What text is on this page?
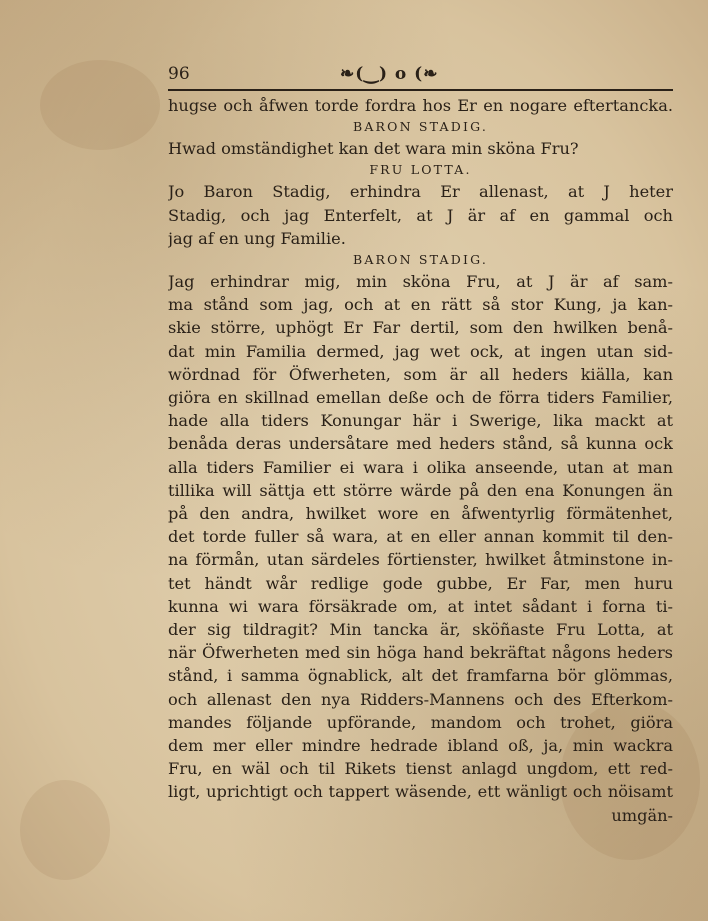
96	❧(‿) o (❧
hugse och åfwen torde fordra hos Er en nogare eftertancka.
BARON STADIG.
Hwad omständighet kan det wara min sköna Fru?
FRU LOTTA.
Jo Baron Stadig, erhindra Er allenast, at J heter
Stadig, och jag Enterfelt, at J är af en gammal och
jag af en ung Familie.
BARON STADIG.
Jag erhindrar mig, min sköna Fru, at J är af sam-
ma stånd som jag, och at en rätt så stor Kung, ja kan-
skie större, uphögt Er Far dertil, som den hwilken benå-
dat min Familia dermed, jag wet ock, at ingen utan sid-
wördnad för Öfwerheten, som är all heders kiälla, kan
giöra en skillnad emellan deße och de förra tiders Familier,
hade alla tiders Konungar här i Swerige, lika mackt at
benåda deras undersåtare med heders stånd, så kunna ock
alla tiders Familier ei wara i olika anseende, utan at man
tillika will sättja ett större wärde på den ena Konungen än
på den andra, hwilket wore en åfwentyrlig förmätenhet,
det torde fuller så wara, at en eller annan kommit til den-
na förmån, utan särdeles förtienster, hwilket åtminstone in-
tet händt wår redlige gode gubbe, Er Far, men huru
kunna wi wara försäkrade om, at intet sådant i forna ti-
der sig tildragit? Min tancka är, sköñaste Fru Lotta, at
när Öfwerheten med sin höga hand bekräftat någons heders
stånd, i samma ögnablick, alt det framfarna bör glömmas,
och allenast den nya Ridders-Mannens och des Efterkom-
mandes följande upförande, mandom och trohet, giöra
dem mer eller mindre hedrade ibland oß, ja, min wackra
Fru, en wäl och til Rikets tienst anlagd ungdom, ett red-
ligt, uprichtigt och tappert wäsende, ett wänligt och nöisamt
umgän-
